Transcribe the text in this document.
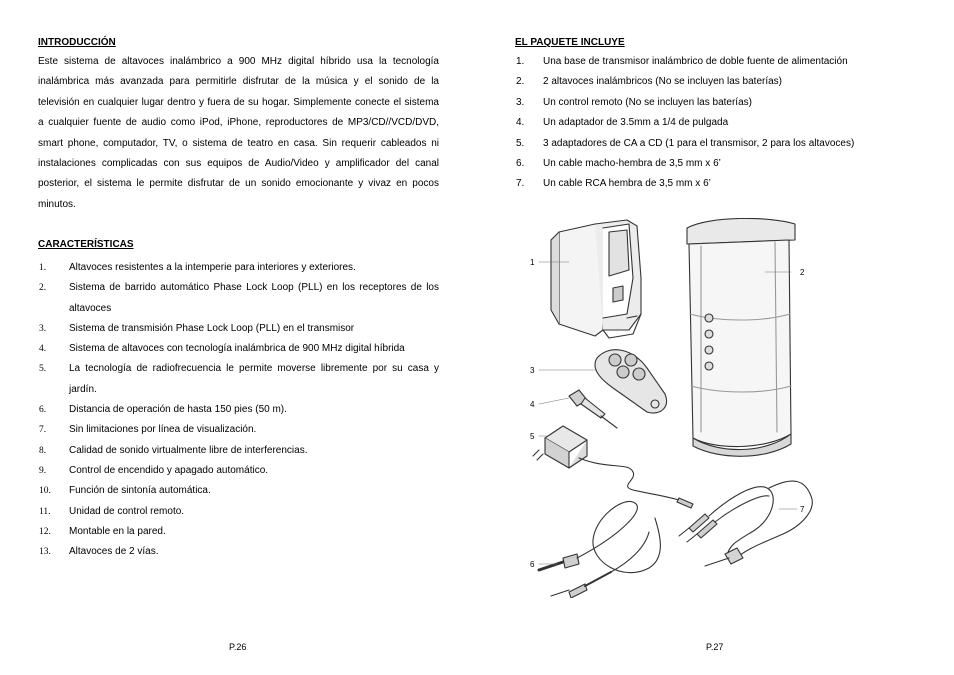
INTRODUCCIÓN
Este sistema de altavoces inalámbrico a 900 MHz digital híbrido usa la tecnología inalámbrica más avanzada para permitirle disfrutar de la música y el sonido de la televisión en cualquier lugar dentro y fuera de su hogar. Simplemente conecte el sistema a cualquier fuente de audio como iPod, iPhone, reproductores de MP3/CD//VCD/DVD, smart phone, computador, TV, o sistema de teatro en casa. Sin requerir cableados ni instalaciones complicadas con sus equipos de Audio/Video y amplificador del canal posterior, el sistema le permite disfrutar de un sonido emocionante y vivaz en pocos minutos.
CARACTERÍSTICAS
1. Altavoces resistentes a la intemperie para interiores y exteriores.
2. Sistema de barrido automático Phase Lock Loop (PLL) en los receptores de los altavoces
3. Sistema de transmisión Phase Lock Loop (PLL) en el transmisor
4. Sistema de altavoces con tecnología inalámbrica de 900 MHz digital híbrida
5. La tecnología de radiofrecuencia le permite moverse libremente por su casa y jardín.
6. Distancia de operación de hasta 150 pies (50 m).
7. Sin limitaciones por línea de visualización.
8. Calidad de sonido virtualmente libre de interferencias.
9. Control de encendido y apagado automático.
10. Función de sintonía automática.
11. Unidad de control remoto.
12. Montable en la pared.
13. Altavoces de 2 vías.
P.26
EL PAQUETE INCLUYE
1. Una base de transmisor inalámbrico de doble fuente de alimentación
2. 2 altavoces inalámbricos (No se incluyen las baterías)
3. Un control remoto (No se incluyen las baterías)
4. Un adaptador de 3.5mm a 1/4 de pulgada
5. 3 adaptadores de CA a CD (1 para el transmisor, 2 para los altavoces)
6. Un cable macho-hembra de 3,5 mm x 6’
7. Un cable RCA hembra de 3,5 mm x 6’
1
2
3
4
5
6
7
P.27
